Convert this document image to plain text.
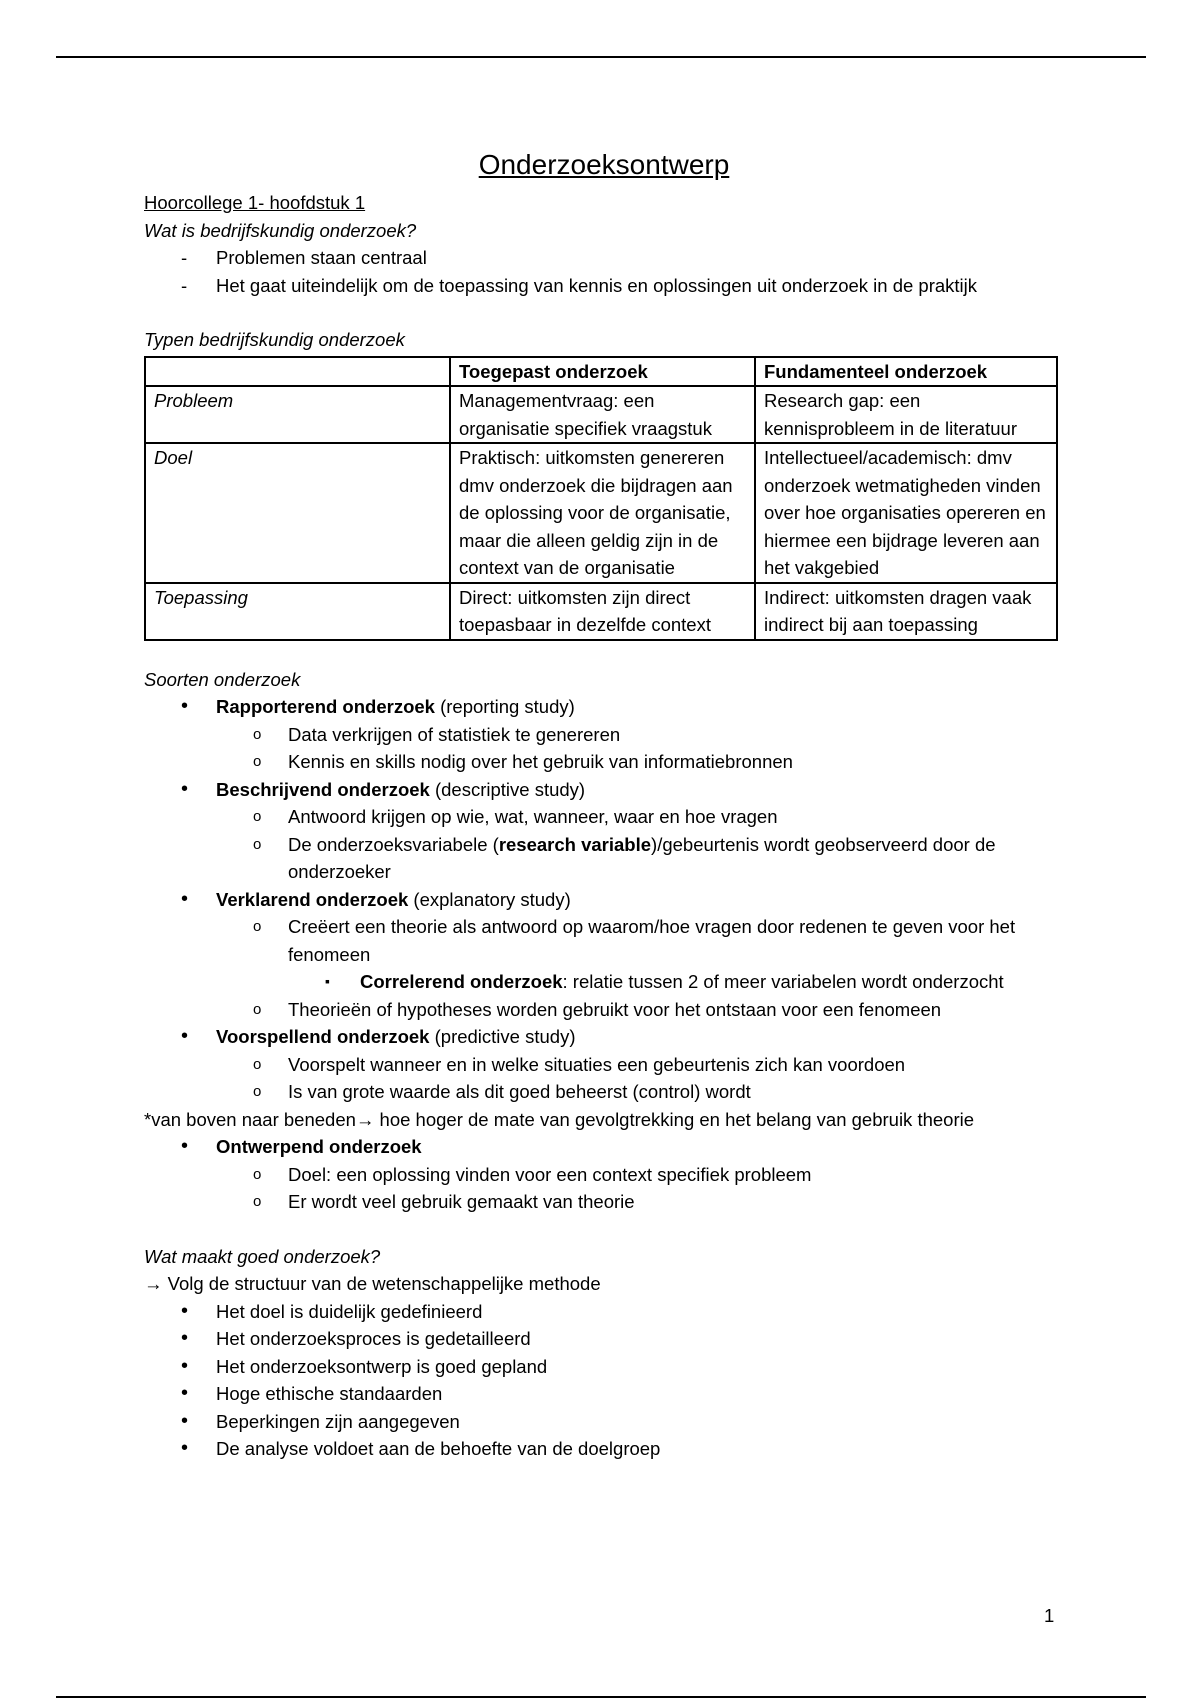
Onderzoeksontwerp

Hoorcollege 1- hoofdstuk 1

Wat is bedrijfskundig onderzoek?

- Problemen staan centraal
- Het gaat uiteindelijk om de toepassing van kennis en oplossingen uit onderzoek in de praktijk

Typen bedrijfskundig onderzoek

	Toegepast onderzoek	Fundamenteel onderzoek
Probleem	Managementvraag: een organisatie specifiek vraagstuk	Research gap: een kennisprobleem in de literatuur
Doel	Praktisch: uitkomsten genereren dmv onderzoek die bijdragen aan de oplossing voor de organisatie, maar die alleen geldig zijn in de context van de organisatie	Intellectueel/academisch: dmv onderzoek wetmatigheden vinden over hoe organisaties opereren en hiermee een bijdrage leveren aan het vakgebied
Toepassing	Direct: uitkomsten zijn direct toepasbaar in dezelfde context	Indirect: uitkomsten dragen vaak indirect bij aan toepassing

Soorten onderzoek

• Rapporterend onderzoek (reporting study)
o Data verkrijgen of statistiek te genereren
o Kennis en skills nodig over het gebruik van informatiebronnen
• Beschrijvend onderzoek (descriptive study)
o Antwoord krijgen op wie, wat, wanneer, waar en hoe vragen
o De onderzoeksvariabele (research variable)/gebeurtenis wordt geobserveerd door de onderzoeker
• Verklarend onderzoek (explanatory study)
o Creëert een theorie als antwoord op waarom/hoe vragen door redenen te geven voor het fenomeen
▪ Correlerend onderzoek: relatie tussen 2 of meer variabelen wordt onderzocht
o Theorieën of hypotheses worden gebruikt voor het ontstaan voor een fenomeen
• Voorspellend onderzoek (predictive study)
o Voorspelt wanneer en in welke situaties een gebeurtenis zich kan voordoen
o Is van grote waarde als dit goed beheerst (control) wordt

*van boven naar beneden→ hoe hoger de mate van gevolgtrekking en het belang van gebruik theorie

• Ontwerpend onderzoek
o Doel: een oplossing vinden voor een context specifiek probleem
o Er wordt veel gebruik gemaakt van theorie

Wat maakt goed onderzoek?

→ Volg de structuur van de wetenschappelijke methode

• Het doel is duidelijk gedefinieerd
• Het onderzoeksproces is gedetailleerd
• Het onderzoeksontwerp is goed gepland
• Hoge ethische standaarden
• Beperkingen zijn aangegeven
• De analyse voldoet aan de behoefte van de doelgroep
1
